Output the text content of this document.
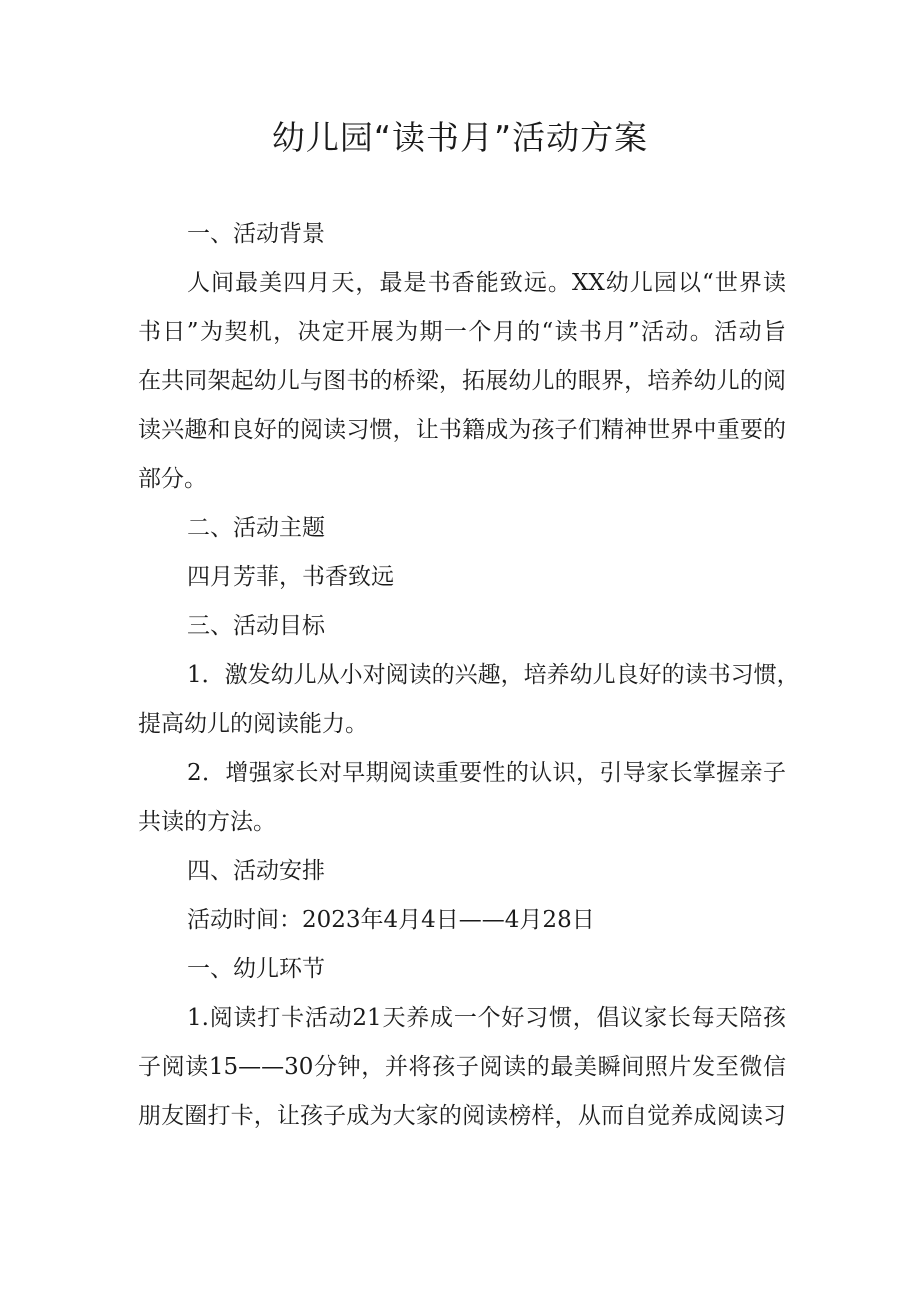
幼儿园“读书月”活动方案

一、活动背景

人间最美四月天，最是书香能致远。XX幼儿园以“世界读

书日”为契机，决定开展为期一个月的“读书月”活动。活动旨

在共同架起幼儿与图书的桥梁，拓展幼儿的眼界，培养幼儿的阅

读兴趣和良好的阅读习惯，让书籍成为孩子们精神世界中重要的

部分。

二、活动主题

四月芳菲，书香致远

三、活动目标

1．激发幼儿从小对阅读的兴趣，培养幼儿良好的读书习惯，

提高幼儿的阅读能力。

2．增强家长对早期阅读重要性的认识，引导家长掌握亲子

共读的方法。

四、活动安排

活动时间：2023年4月4日——4月28日

一、幼儿环节

1.阅读打卡活动21天养成一个好习惯，倡议家长每天陪孩

子阅读15——30分钟，并将孩子阅读的最美瞬间照片发至微信

朋友圈打卡，让孩子成为大家的阅读榜样，从而自觉养成阅读习
